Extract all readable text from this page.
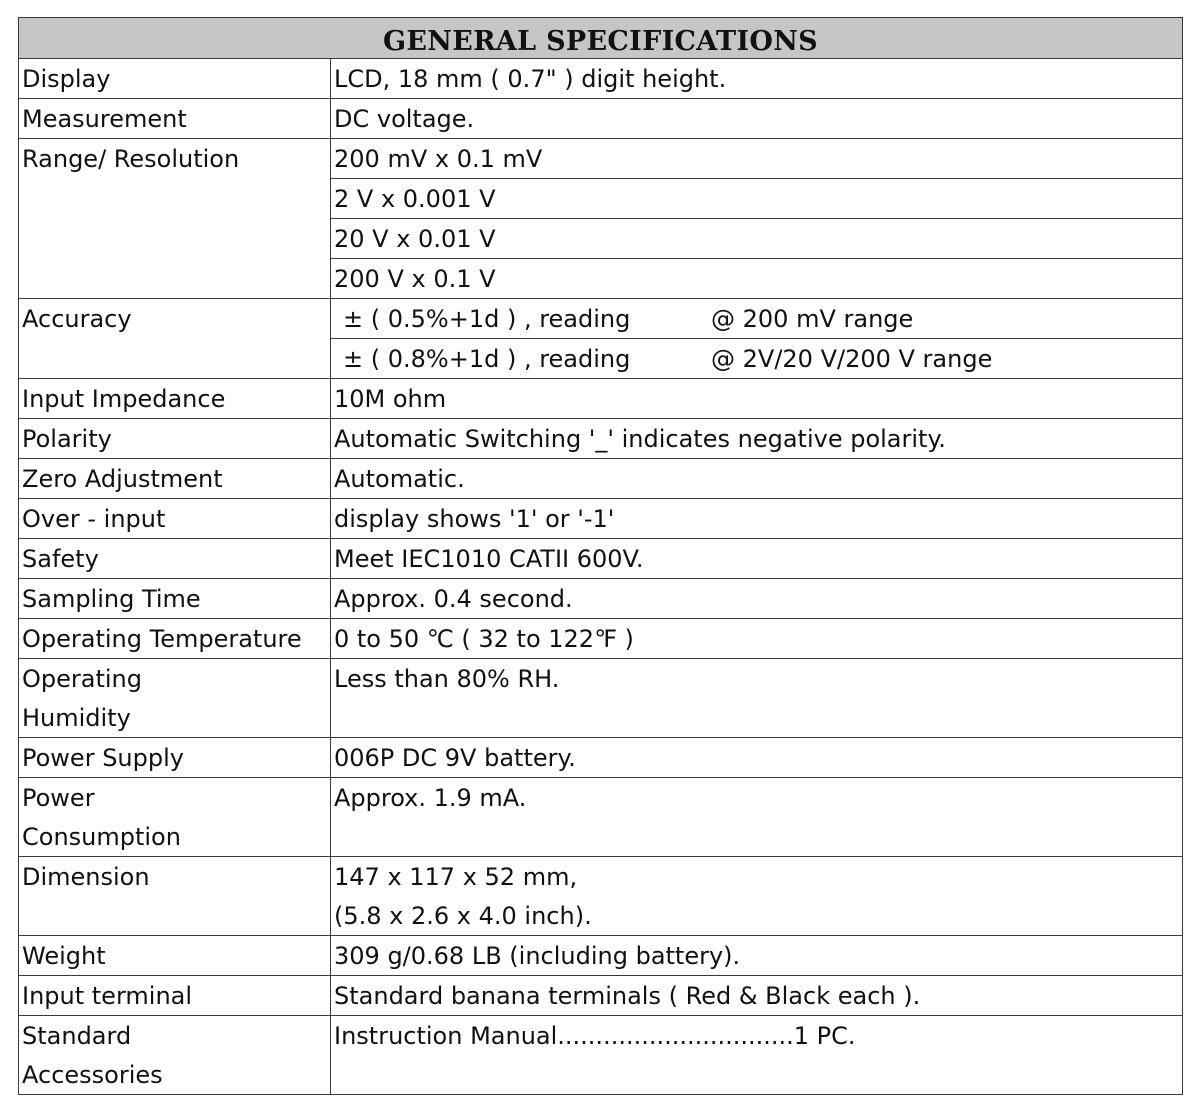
GENERAL SPECIFICATIONS	

Display	LCD, 18 mm ( 0.7" ) digit height.

Measurement	DC voltage.

Range/ Resolution	200 mV x 0.1 mV

	2 V x 0.001 V

	20 V x 0.01 V

	200 V x 0.1 V

Accuracy	± ( 0.5%+1d ) , reading @ 200 mV range

	± ( 0.8%+1d ) , reading @ 2V/20 V/200 V range

Input Impedance	10M ohm

Polarity	Automatic Switching '_' indicates negative polarity.

Zero Adjustment	Automatic.

Over - input	display shows '1' or '-1'

Safety	Meet IEC1010 CATII 600V.

Sampling Time	Approx. 0.4 second.

Operating Temperature	0 to 50 ℃ ( 32 to 122℉ )

Operating
Humidity	Less than 80% RH.

Power Supply	006P DC 9V battery.

Power
Consumption	Approx. 1.9 mA.

Dimension	147 x 117 x 52 mm,
(5.8 x 2.6 x 4.0 inch).

Weight	309 g/0.68 LB (including battery).

Input terminal	Standard banana terminals ( Red & Black each ).

Standard
Accessories	Instruction Manual...............................1 PC.
